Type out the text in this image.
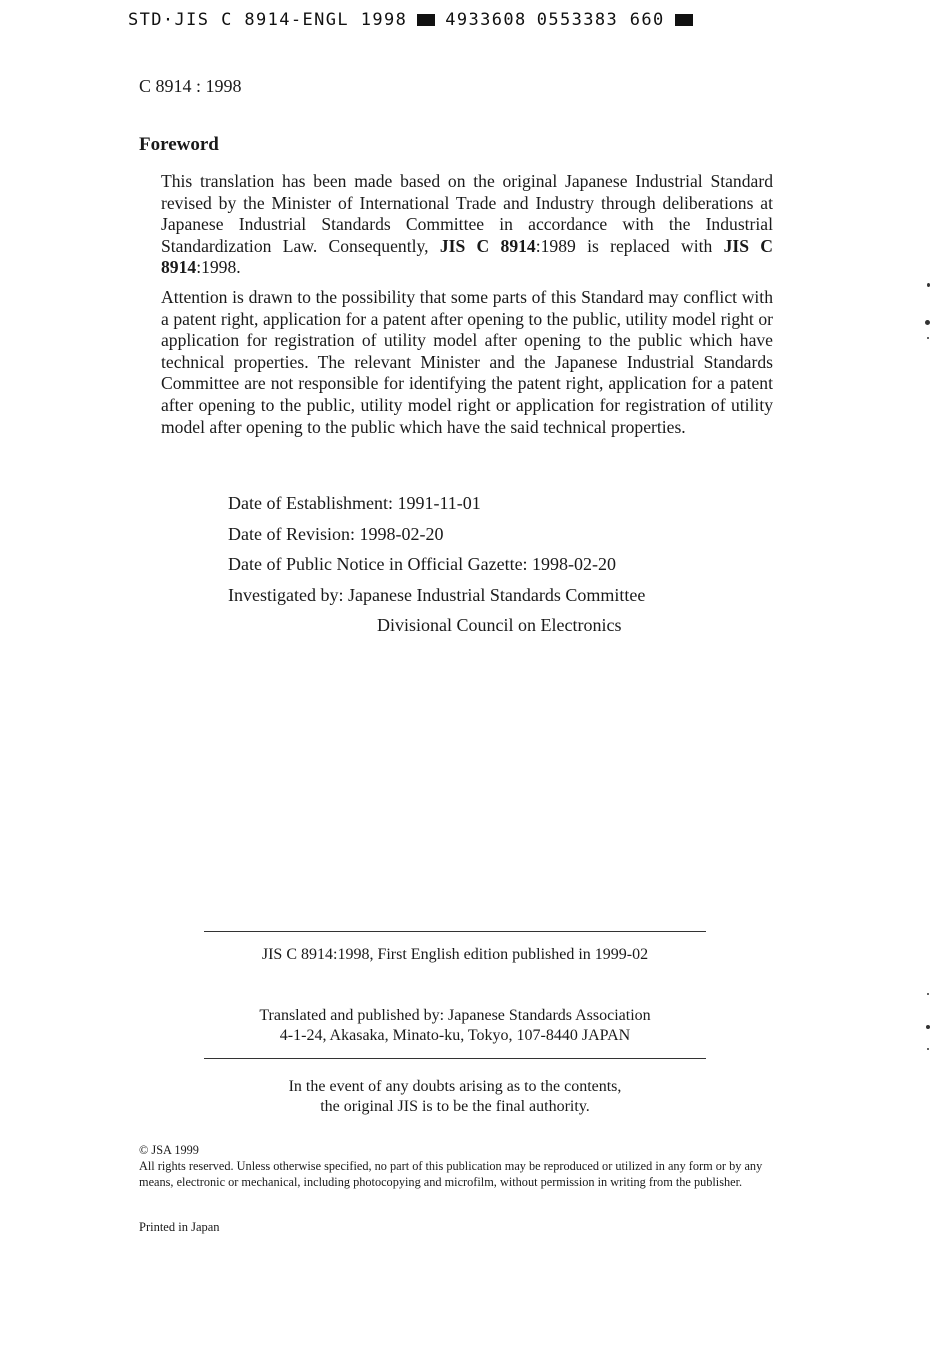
STD·JIS C 8914-ENGL 1998 4933608 0553383 660
C 8914 : 1998
Foreword
This translation has been made based on the original Japanese Industrial Standard revised by the Minister of International Trade and Industry through deliberations at Japanese Industrial Standards Committee in accordance with the Industrial Standardization Law. Consequently, JIS C 8914:1989 is replaced with JIS C 8914:1998.
Attention is drawn to the possibility that some parts of this Standard may conflict with a patent right, application for a patent after opening to the public, utility model right or application for registration of utility model after opening to the public which have technical properties. The relevant Minister and the Japanese Industrial Standards Committee are not responsible for identifying the patent right, application for a patent after opening to the public, utility model right or application for registration of utility model after opening to the public which have the said technical properties.
Date of Establishment: 1991-11-01
Date of Revision: 1998-02-20
Date of Public Notice in Official Gazette: 1998-02-20
Investigated by: Japanese Industrial Standards Committee
Divisional Council on Electronics
JIS C 8914:1998, First English edition published in 1999-02
Translated and published by: Japanese Standards Association
4-1-24, Akasaka, Minato-ku, Tokyo, 107-8440 JAPAN
In the event of any doubts arising as to the contents,
the original JIS is to be the final authority.
© JSA 1999
All rights reserved. Unless otherwise specified, no part of this publication may be reproduced or utilized in any form or by any means, electronic or mechanical, including photocopying and microfilm, without permission in writing from the publisher.
Printed in Japan
